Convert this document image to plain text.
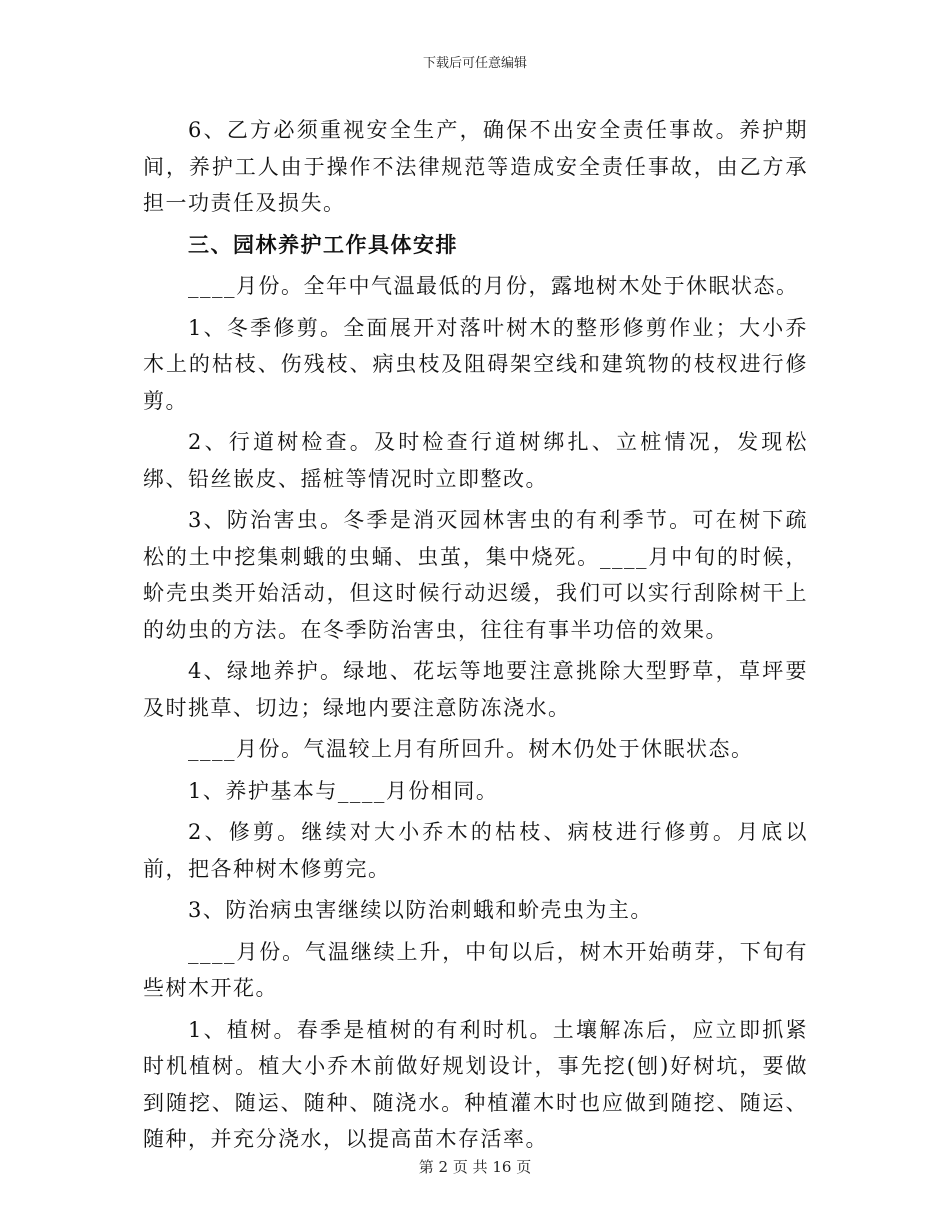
下载后可任意编辑

6、乙方必须重视安全生产，确保不出安全责任事故。养护期间，养护工人由于操作不法律规范等造成安全责任事故，由乙方承担一功责任及损失。

三、园林养护工作具体安排

____月份。全年中气温最低的月份，露地树木处于休眠状态。

1、冬季修剪。全面展开对落叶树木的整形修剪作业；大小乔木上的枯枝、伤残枝、病虫枝及阻碍架空线和建筑物的枝杈进行修剪。

2、行道树检查。及时检查行道树绑扎、立桩情况，发现松绑、铅丝嵌皮、摇桩等情况时立即整改。

3、防治害虫。冬季是消灭园林害虫的有利季节。可在树下疏松的土中挖集刺蛾的虫蛹、虫茧，集中烧死。____月中旬的时候，蚧壳虫类开始活动，但这时候行动迟缓，我们可以实行刮除树干上的幼虫的方法。在冬季防治害虫，往往有事半功倍的效果。

4、绿地养护。绿地、花坛等地要注意挑除大型野草，草坪要及时挑草、切边；绿地内要注意防冻浇水。

____月份。气温较上月有所回升。树木仍处于休眠状态。

1、养护基本与____月份相同。

2、修剪。继续对大小乔木的枯枝、病枝进行修剪。月底以前，把各种树木修剪完。

3、防治病虫害继续以防治刺蛾和蚧壳虫为主。

____月份。气温继续上升，中旬以后，树木开始萌芽，下旬有些树木开花。

1、植树。春季是植树的有利时机。土壤解冻后，应立即抓紧时机植树。植大小乔木前做好规划设计，事先挖(刨)好树坑，要做到随挖、随运、随种、随浇水。种植灌木时也应做到随挖、随运、随种，并充分浇水，以提高苗木存活率。

第 2 页 共 16 页
